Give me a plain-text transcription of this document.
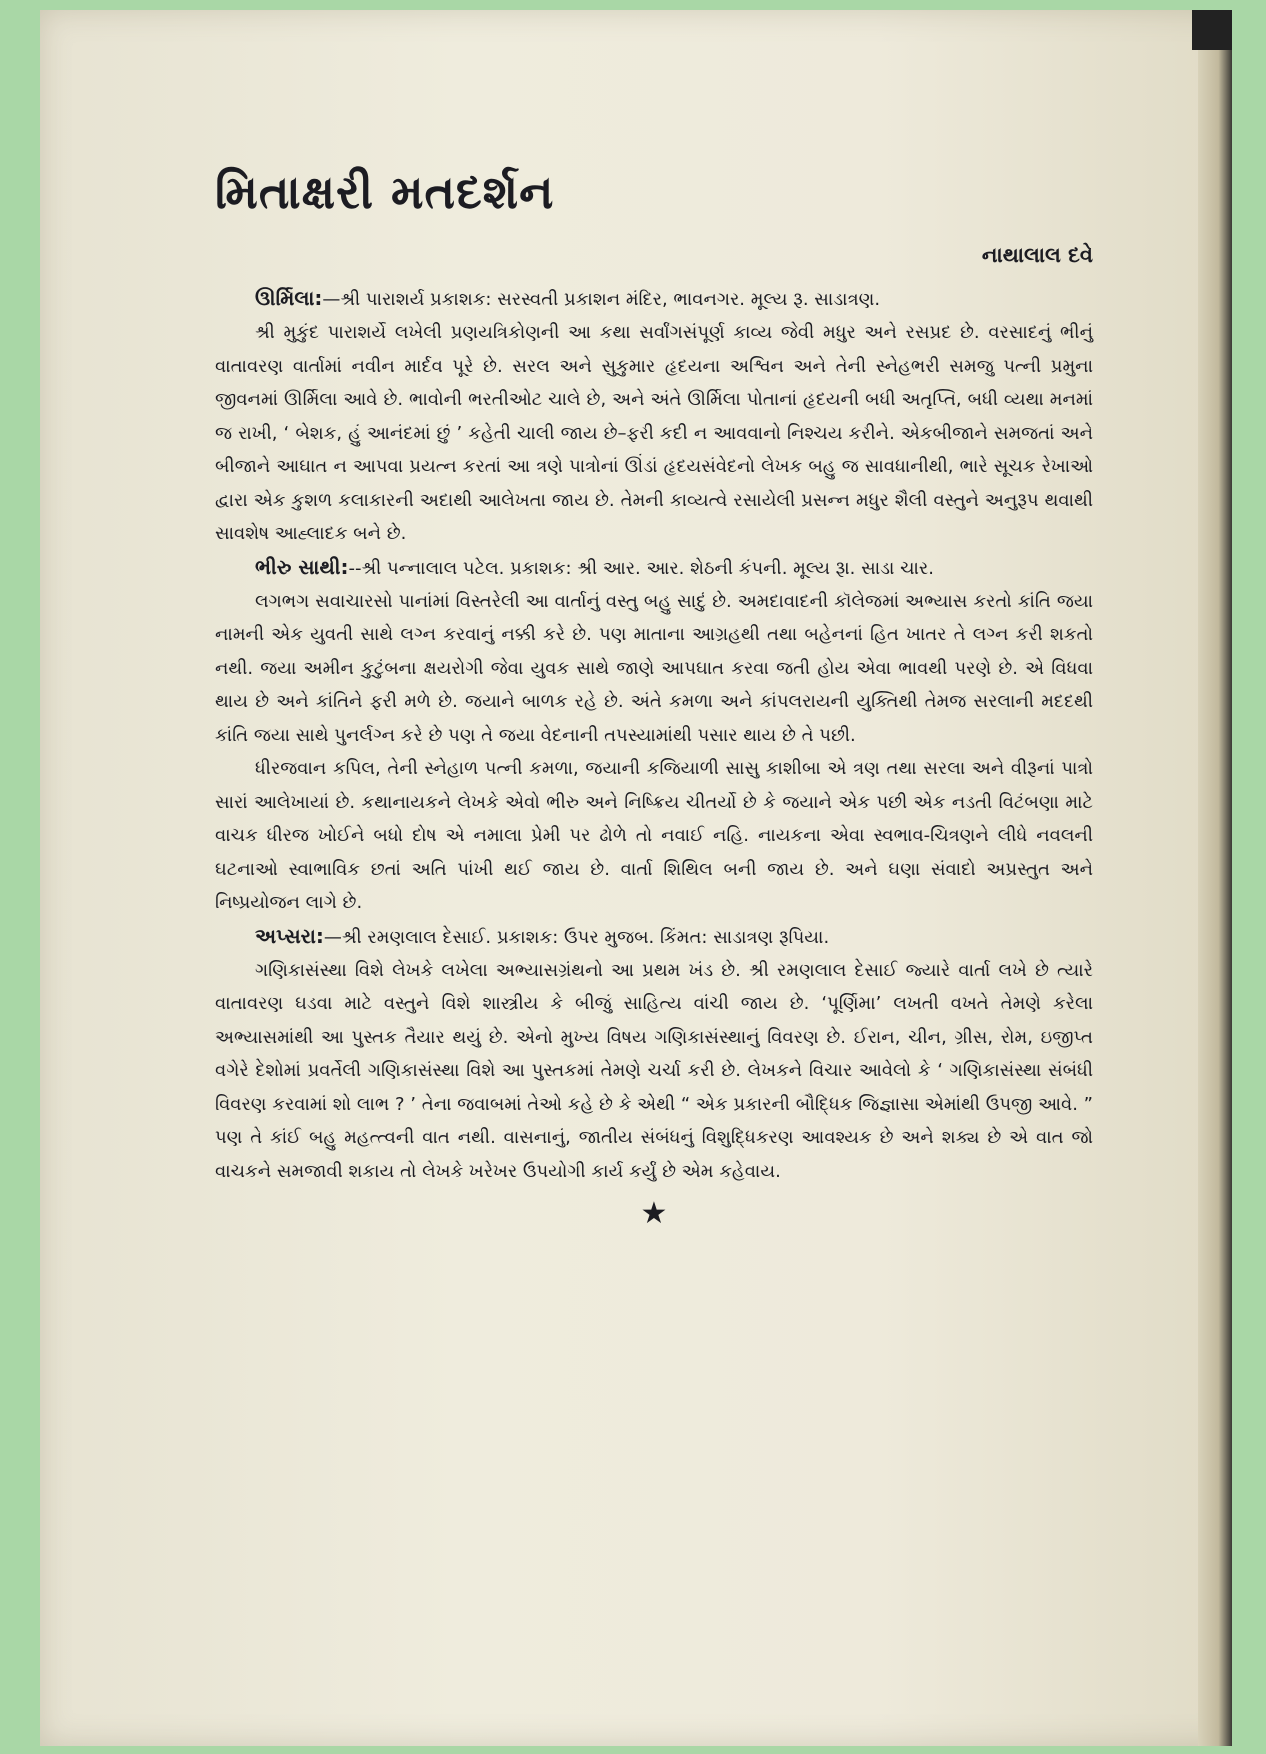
મિતાક્ષરી મતદર્શન
નાથાલાલ દવે

ઊર્મિલા:—શ્રી પારાશર્ય પ્રકાશક: સરસ્વતી પ્રકાશન મંદિર, ભાવનગર. મૂલ્ય રૂ. સાડાત્રણ.

શ્રી મુકુંદ પારાશર્યે લખેલી પ્રણયત્રિકોણની આ કથા સર્વાંગસંપૂર્ણ કાવ્ય જેવી મધુર અને રસપ્રદ છે. વરસાદનું ભીનું વાતાવરણ વાર્તામાં નવીન માર્દવ પૂરે છે. સરલ અને સુકુમાર હૃદયના અશ્વિન અને તેની સ્નેહભરી સમજુ પત્ની પ્રમુના જીવનમાં ઊર્મિલા આવે છે. ભાવોની ભરતીઓટ ચાલે છે, અને અંતે ઊર્મિલા પોતાનાં હૃદયની બધી અતૃપ્તિ, બધી વ્યથા મનમાં જ રાખી, ‘ બેશક, હું આનંદમાં છું ’ કહેતી ચાલી જાય છે–ફરી કદી ન આવવાનો નિશ્ચય કરીને. એકબીજાને સમજતાં અને બીજાને આઘાત ન આપવા પ્રયત્ન કરતાં આ ત્રણે પાત્રોનાં ઊંડાં હૃદયસંવેદનો લેખક બહુ જ સાવધાનીથી, ભારે સૂચક રેખાઓ દ્વારા એક કુશળ કલાકારની અદાથી આલેખતા જાય છે. તેમની કાવ્યત્વે રસાયેલી પ્રસન્ન મધુર શૈલી વસ્તુને અનુરૂપ થવાથી સાવશેષ આહ્લાદક બને છે.

ભીરુ સાથી:--શ્રી પન્નાલાલ પટેલ. પ્રકાશક: શ્રી આર. આર. શેઠની કંપની. મૂલ્ય રૂા. સાડા ચાર.

લગભગ સવાચારસો પાનાંમાં વિસ્તરેલી આ વાર્તાનું વસ્તુ બહુ સાદું છે. અમદાવાદની કૉલેજમાં અભ્યાસ કરતો કાંતિ જયા નામની એક યુવતી સાથે લગ્ન કરવાનું નક્કી કરે છે. પણ માતાના આગ્રહથી તથા બહેનનાં હિત ખાતર તે લગ્ન કરી શકતો નથી. જયા અમીન કુટુંબના ક્ષયરોગી જેવા યુવક સાથે જાણે આપઘાત કરવા જતી હોય એવા ભાવથી પરણે છે. એ વિધવા થાય છે અને કાંતિને ફરી મળે છે. જયાને બાળક રહે છે. અંતે કમળા અને કાંપલરાયની યુક્તિથી તેમજ સરલાની મદદથી કાંતિ જયા સાથે પુનર્લગ્ન કરે છે પણ તે જયા વેદનાની તપસ્યામાંથી પસાર થાય છે તે પછી.

ધીરજવાન કપિલ, તેની સ્નેહાળ પત્ની કમળા, જયાની કજિયાળી સાસુ કાશીબા એ ત્રણ તથા સરલા અને વીરૂનાં પાત્રો સારાં આલેખાયાં છે. કથાનાયકને લેખકે એવો ભીરુ અને નિષ્ક્રિય ચીતર્યો છે કે જયાને એક પછી એક નડતી વિટંબણા માટે વાચક ધીરજ ખોઈને બધો દોષ એ નમાલા પ્રેમી પર ઢોળે તો નવાઈ નહિ. નાયકના એવા સ્વભાવ-ચિત્રણને લીધે નવલની ઘટનાઓ સ્વાભાવિક છતાં અતિ પાંખી થઈ જાય છે. વાર્તા શિથિલ બની જાય છે. અને ઘણા સંવાદો અપ્રસ્તુત અને નિષ્પ્રયોજન લાગે છે.

અપ્સરા:—શ્રી રમણલાલ દેસાઈ. પ્રકાશક: ઉપર મુજબ. કિંમત: સાડાત્રણ રૂપિયા.

ગણિકાસંસ્થા વિશે લેખકે લખેલા અભ્યાસગ્રંથનો આ પ્રથમ ખંડ છે. શ્રી રમણલાલ દેસાઈ જ્યારે વાર્તા લખે છે ત્યારે વાતાવરણ ઘડવા માટે વસ્તુને વિશે શાસ્ત્રીય કે બીજું સાહિત્ય વાંચી જાય છે. ‘પૂર્ણિમા’ લખતી વખતે તેમણે કરેલા અભ્યાસમાંથી આ પુસ્તક તૈયાર થયું છે. એનો મુખ્ય વિષય ગણિકાસંસ્થાનું વિવરણ છે. ઈરાન, ચીન, ગ્રીસ, રોમ, ઇજીપ્ત વગેરે દેશોમાં પ્રવર્તેલી ગણિકાસંસ્થા વિશે આ પુસ્તકમાં તેમણે ચર્ચા કરી છે. લેખકને વિચાર આવેલો કે ‘ ગણિકાસંસ્થા સંબંધી વિવરણ કરવામાં શો લાભ ? ’ તેના જવાબમાં તેઓ કહે છે કે એથી “ એક પ્રકારની બૌદ્ધિક જિજ્ઞાસા એમાંથી ઉપજી આવે. ” પણ તે કાંઈ બહુ મહત્ત્વની વાત નથી. વાસનાનું, જાતીય સંબંધનું વિશુદ્ધિકરણ આવશ્યક છે અને શક્ય છે એ વાત જો વાચકને સમજાવી શકાય તો લેખકે ખરેખર ઉપયોગી કાર્ય કર્યું છે એમ કહેવાય.

★
